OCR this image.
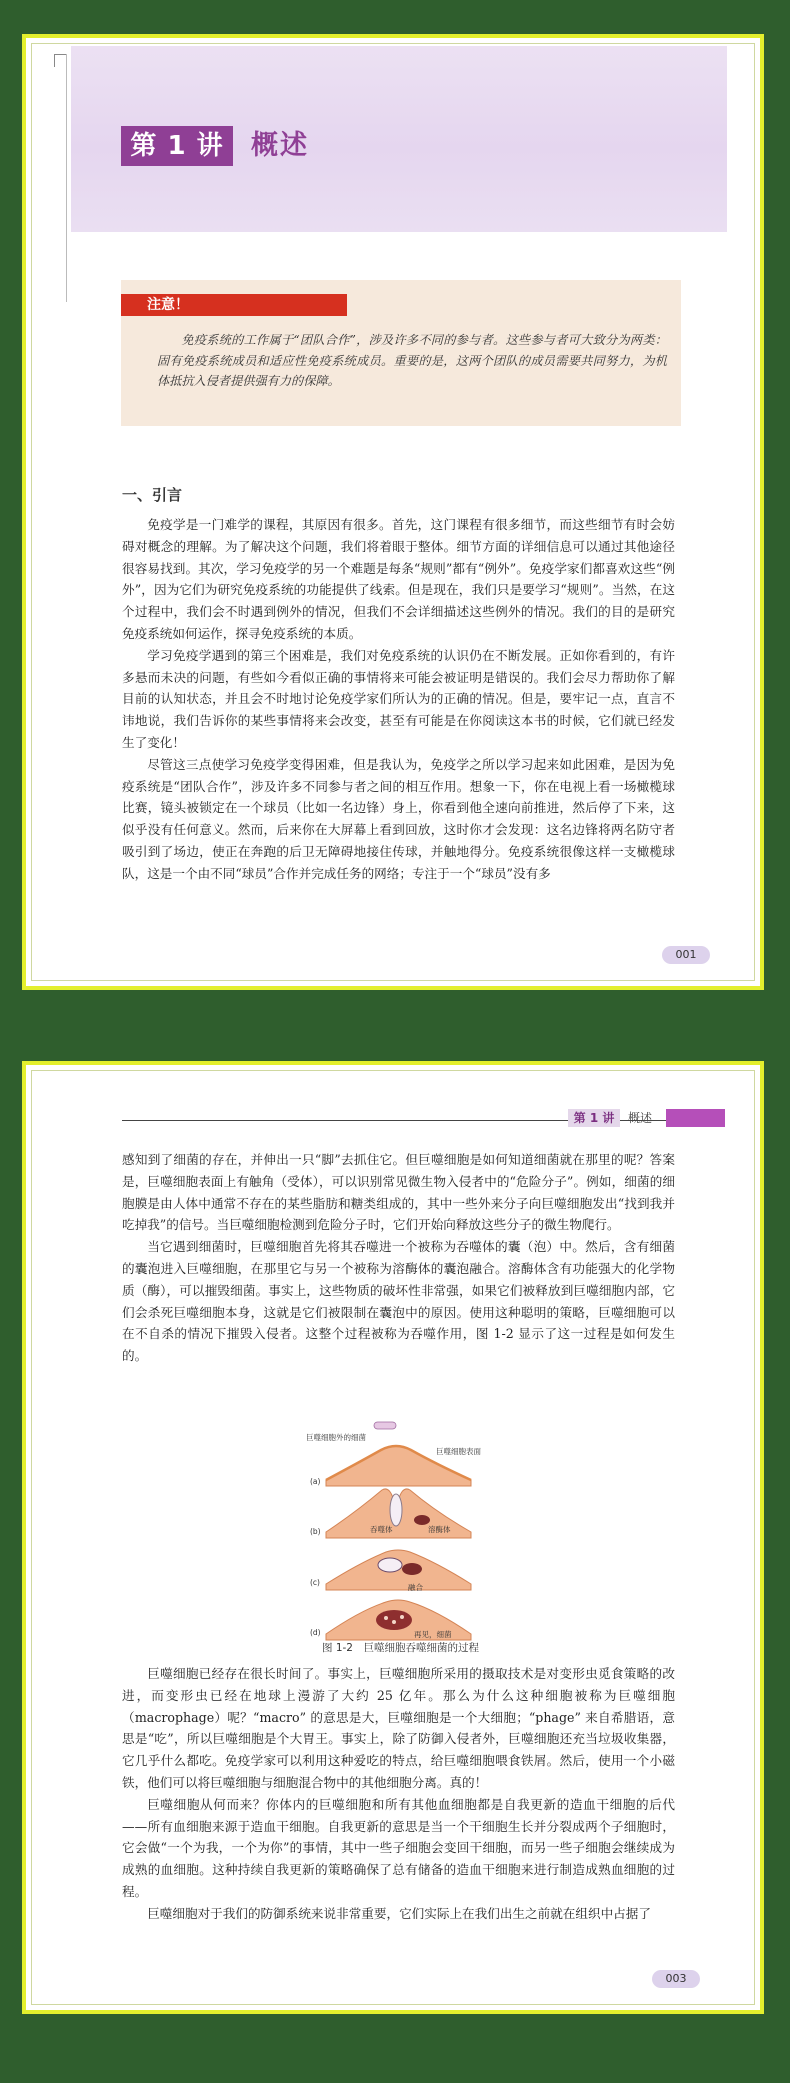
第 1 讲	概述
注意！
免疫系统的工作属于“团队合作”，涉及许多不同的参与者。这些参与者可大致分为两类：固有免疫系统成员和适应性免疫系统成员。重要的是，这两个团队的成员需要共同努力，为机体抵抗入侵者提供强有力的保障。
一、引言

免疫学是一门难学的课程，其原因有很多。首先，这门课程有很多细节，而这些细节有时会妨碍对概念的理解。为了解决这个问题，我们将着眼于整体。细节方面的详细信息可以通过其他途径很容易找到。其次，学习免疫学的另一个难题是每条“规则”都有“例外”。免疫学家们都喜欢这些“例外”，因为它们为研究免疫系统的功能提供了线索。但是现在，我们只是要学习“规则”。当然，在这个过程中，我们会不时遇到例外的情况，但我们不会详细描述这些例外的情况。我们的目的是研究免疫系统如何运作，探寻免疫系统的本质。

学习免疫学遇到的第三个困难是，我们对免疫系统的认识仍在不断发展。正如你看到的，有许多悬而未决的问题，有些如今看似正确的事情将来可能会被证明是错误的。我们会尽力帮助你了解目前的认知状态，并且会不时地讨论免疫学家们所认为的正确的情况。但是，要牢记一点，直言不讳地说，我们告诉你的某些事情将来会改变，甚至有可能是在你阅读这本书的时候，它们就已经发生了变化！

尽管这三点使学习免疫学变得困难，但是我认为，免疫学之所以学习起来如此困难，是因为免疫系统是“团队合作”，涉及许多不同参与者之间的相互作用。想象一下，你在电视上看一场橄榄球比赛，镜头被锁定在一个球员（比如一名边锋）身上，你看到他全速向前推进，然后停了下来，这似乎没有任何意义。然而，后来你在大屏幕上看到回放，这时你才会发现：这名边锋将两名防守者吸引到了场边，使正在奔跑的后卫无障碍地接住传球，并触地得分。免疫系统很像这样一支橄榄球队，这是一个由不同“球员”合作并完成任务的网络；专注于一个“球员”没有多

001
第 1 讲	概述

感知到了细菌的存在，并伸出一只“脚”去抓住它。但巨噬细胞是如何知道细菌就在那里的呢？答案是，巨噬细胞表面上有触角（受体），可以识别常见微生物入侵者中的“危险分子”。例如，细菌的细胞膜是由人体中通常不存在的某些脂肪和糖类组成的，其中一些外来分子向巨噬细胞发出“找到我并吃掉我”的信号。当巨噬细胞检测到危险分子时，它们开始向释放这些分子的微生物爬行。

当它遇到细菌时，巨噬细胞首先将其吞噬进一个被称为吞噬体的囊（泡）中。然后，含有细菌的囊泡进入巨噬细胞，在那里它与另一个被称为溶酶体的囊泡融合。溶酶体含有功能强大的化学物质（酶），可以摧毁细菌。事实上，这些物质的破坏性非常强，如果它们被释放到巨噬细胞内部，它们会杀死巨噬细胞本身，这就是它们被限制在囊泡中的原因。使用这种聪明的策略，巨噬细胞可以在不自杀的情况下摧毁入侵者。这整个过程被称为吞噬作用，图 1-2 显示了这一过程是如何发生的。

巨噬细胞外的细菌
巨噬细胞表面
吞噬体	溶酶体
融合
再见，细菌
(a)
(b)
(c)
(d)
图 1-2　巨噬细胞吞噬细菌的过程

巨噬细胞已经存在很长时间了。事实上，巨噬细胞所采用的摄取技术是对变形虫觅食策略的改进，而变形虫已经在地球上漫游了大约 25 亿年。那么为什么这种细胞被称为巨噬细胞（macrophage）呢？“macro” 的意思是大，巨噬细胞是一个大细胞；“phage” 来自希腊语，意思是“吃”，所以巨噬细胞是个大胃王。事实上，除了防御入侵者外，巨噬细胞还充当垃圾收集器，它几乎什么都吃。免疫学家可以利用这种爱吃的特点，给巨噬细胞喂食铁屑。然后，使用一个小磁铁，他们可以将巨噬细胞与细胞混合物中的其他细胞分离。真的！

巨噬细胞从何而来？你体内的巨噬细胞和所有其他血细胞都是自我更新的造血干细胞的后代——所有血细胞来源于造血干细胞。自我更新的意思是当一个干细胞生长并分裂成两个子细胞时，它会做“一个为我，一个为你”的事情，其中一些子细胞会变回干细胞，而另一些子细胞会继续成为成熟的血细胞。这种持续自我更新的策略确保了总有储备的造血干细胞来进行制造成熟血细胞的过程。

巨噬细胞对于我们的防御系统来说非常重要，它们实际上在我们出生之前就在组织中占据了

003
